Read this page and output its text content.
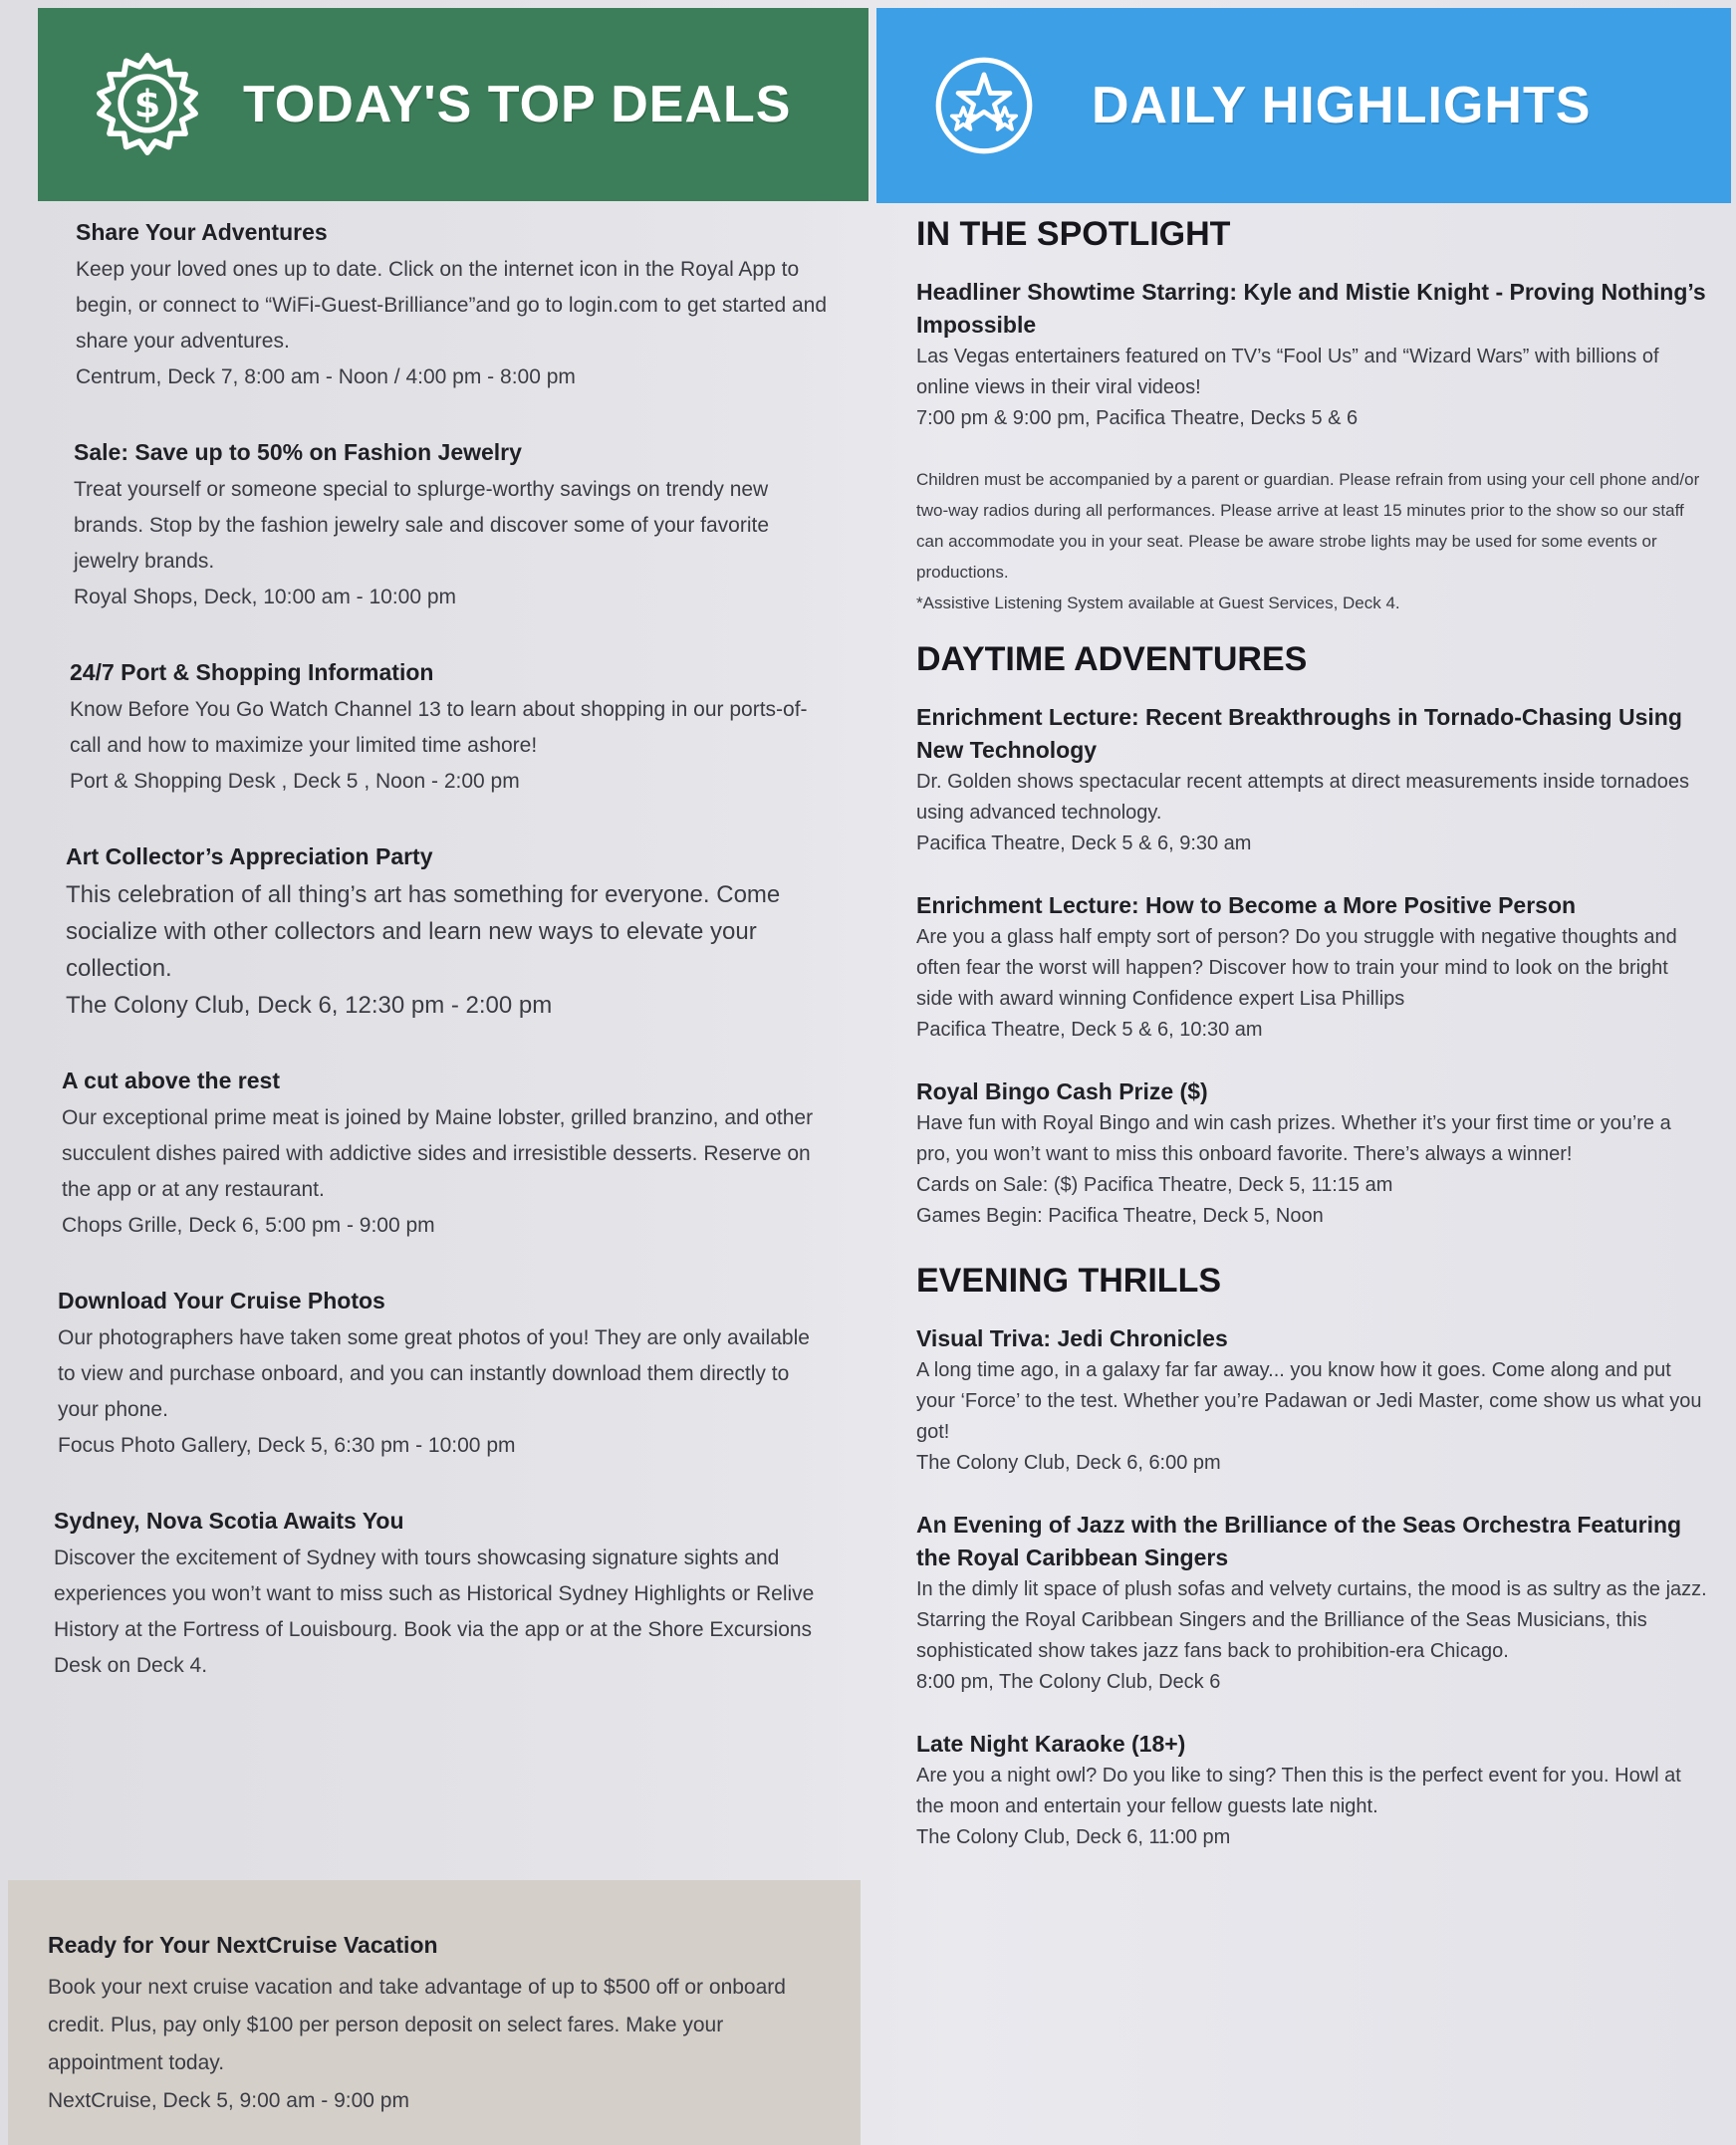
$ TODAY'S TOP DEALS	DAILY HIGHLIGHTS

Share Your Adventures

Keep your loved ones up to date. Click on the internet icon in the Royal App to begin, or connect to “WiFi-Guest-Brilliance”and go to login.com to get started and share your adventures.

Centrum, Deck 7, 8:00 am - Noon / 4:00 pm - 8:00 pm

Sale: Save up to 50% on Fashion Jewelry

Treat yourself or someone special to splurge-worthy savings on trendy new brands. Stop by the fashion jewelry sale and discover some of your favorite jewelry brands.

Royal Shops, Deck, 10:00 am - 10:00 pm

24/7 Port & Shopping Information

Know Before You Go Watch Channel 13 to learn about shopping in our ports-of-call and how to maximize your limited time ashore!

Port & Shopping Desk , Deck 5 , Noon - 2:00 pm

Art Collector’s Appreciation Party

This celebration of all thing’s art has something for everyone. Come socialize with other collectors and learn new ways to elevate your collection.

The Colony Club, Deck 6, 12:30 pm - 2:00 pm

A cut above the rest

Our exceptional prime meat is joined by Maine lobster, grilled branzino, and other succulent dishes paired with addictive sides and irresistible desserts. Reserve on the app or at any restaurant.

Chops Grille, Deck 6, 5:00 pm - 9:00 pm

Download Your Cruise Photos

Our photographers have taken some great photos of you! They are only available to view and purchase onboard, and you can instantly download them directly to your phone.

Focus Photo Gallery, Deck 5, 6:30 pm - 10:00 pm

Sydney, Nova Scotia Awaits You

Discover the excitement of Sydney with tours showcasing signature sights and experiences you won’t want to miss such as Historical Sydney Highlights or Relive History at the Fortress of Louisbourg. Book via the app or at the Shore Excursions Desk on Deck 4.

Ready for Your NextCruise Vacation

Book your next cruise vacation and take advantage of up to $500 off or onboard credit. Plus, pay only $100 per person deposit on select fares. Make your appointment today.

NextCruise, Deck 5, 9:00 am - 9:00 pm

IN THE SPOTLIGHT

Headliner Showtime Starring: Kyle and Mistie Knight - Proving Nothing’s Impossible

Las Vegas entertainers featured on TV’s “Fool Us” and “Wizard Wars” with billions of online views in their viral videos!

7:00 pm & 9:00 pm, Pacifica Theatre, Decks 5 & 6

Children must be accompanied by a parent or guardian. Please refrain from using your cell phone and/or two-way radios during all performances. Please arrive at least 15 minutes prior to the show so our staff can accommodate you in your seat. Please be aware strobe lights may be used for some events or productions.
*Assistive Listening System available at Guest Services, Deck 4.
DAYTIME ADVENTURES

Enrichment Lecture: Recent Breakthroughs in Tornado-Chasing Using New Technology

Dr. Golden shows spectacular recent attempts at direct measurements inside tornadoes using advanced technology.

Pacifica Theatre, Deck 5 & 6, 9:30 am

Enrichment Lecture: How to Become a More Positive Person

Are you a glass half empty sort of person? Do you struggle with negative thoughts and often fear the worst will happen? Discover how to train your mind to look on the bright side with award winning Confidence expert Lisa Phillips

Pacifica Theatre, Deck 5 & 6, 10:30 am

Royal Bingo Cash Prize ($)

Have fun with Royal Bingo and win cash prizes. Whether it’s your first time or you’re a pro, you won’t want to miss this onboard favorite. There’s always a winner!

Cards on Sale: ($) Pacifica Theatre, Deck 5, 11:15 am

Games Begin: Pacifica Theatre, Deck 5, Noon

EVENING THRILLS

Visual Triva: Jedi Chronicles

A long time ago, in a galaxy far far away... you know how it goes. Come along and put your ‘Force’ to the test. Whether you’re Padawan or Jedi Master, come show us what you got!

The Colony Club, Deck 6, 6:00 pm

An Evening of Jazz with the Brilliance of the Seas Orchestra Featuring the Royal Caribbean Singers

In the dimly lit space of plush sofas and velvety curtains, the mood is as sultry as the jazz. Starring the Royal Caribbean Singers and the Brilliance of the Seas Musicians, this sophisticated show takes jazz fans back to prohibition-era Chicago.

8:00 pm, The Colony Club, Deck 6

Late Night Karaoke (18+)

Are you a night owl? Do you like to sing? Then this is the perfect event for you. Howl at the moon and entertain your fellow guests late night.

The Colony Club, Deck 6, 11:00 pm
